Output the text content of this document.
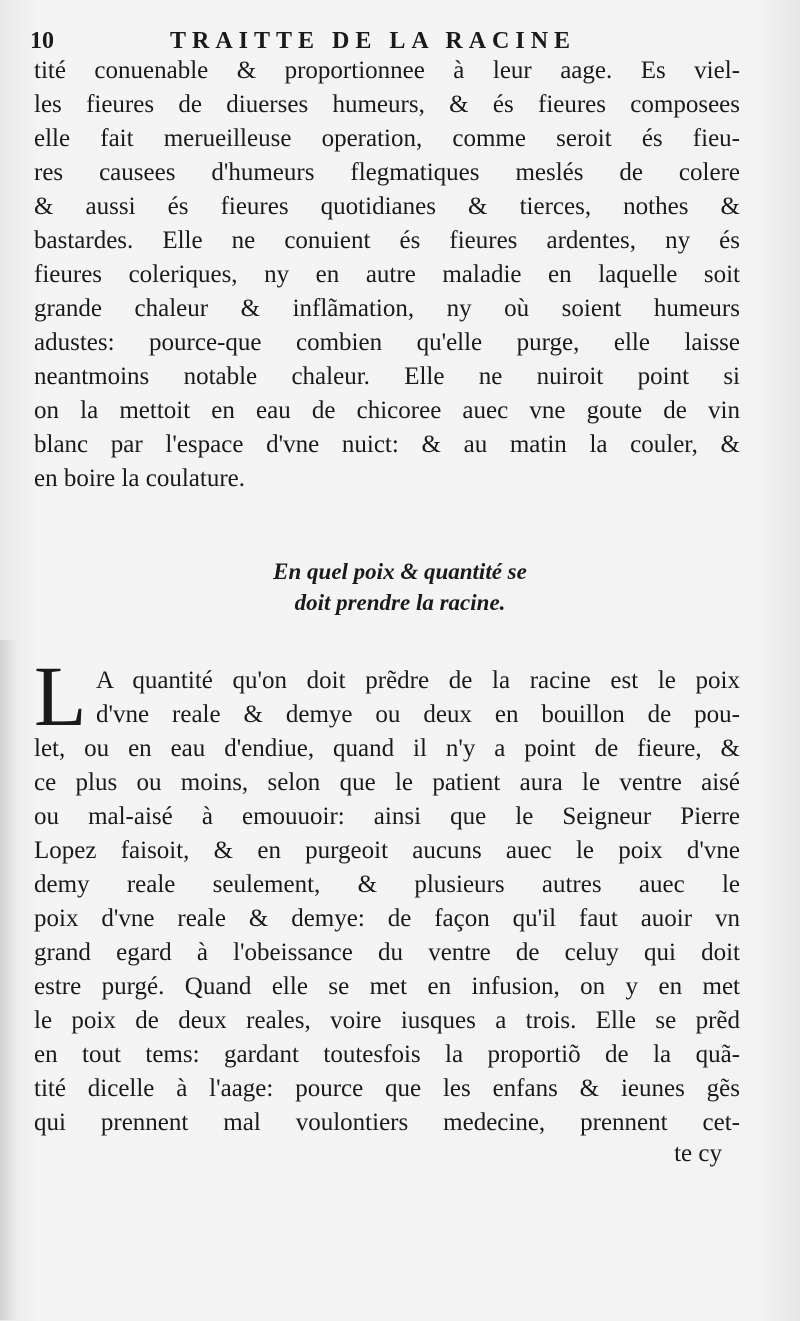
10	TRAITTE DE LA RACINE
tité conuenable & proportionnee à leur aage. Es viel-
les fieures de diuerses humeurs, & és fieures composees
elle fait merueilleuse operation, comme seroit és fieu-
res causees d'humeurs flegmatiques meslés de colere
& aussi és fieures quotidianes & tierces, nothes &
bastardes. Elle ne conuient és fieures ardentes, ny és
fieures coleriques, ny en autre maladie en laquelle soit
grande chaleur & inflãmation, ny où soient humeurs
adustes: pource-que combien qu'elle purge, elle laisse
neantmoins notable chaleur. Elle ne nuiroit point si
on la mettoit en eau de chicoree auec vne goute de vin
blanc par l'espace d'vne nuict: & au matin la couler, &
en boire la coulature.
En quel poix & quantité se
doit prendre la racine.
L A quantité qu'on doit prẽdre de la racine est le poix
d'vne reale & demye ou deux en bouillon de pou-
let, ou en eau d'endiue, quand il n'y a point de fieure, &
ce plus ou moins, selon que le patient aura le ventre aisé
ou mal-aisé à emouuoir: ainsi que le Seigneur Pierre
Lopez faisoit, & en purgeoit aucuns auec le poix d'vne
demy reale seulement, & plusieurs autres auec le
poix d'vne reale & demye: de façon qu'il faut auoir vn
grand egard à l'obeissance du ventre de celuy qui doit
estre purgé. Quand elle se met en infusion, on y en met
le poix de deux reales, voire iusques a trois. Elle se prẽd
en tout tems: gardant toutesfois la proportiõ de la quã-
tité dicelle à l'aage: pource que les enfans & ieunes gẽs
qui prennent mal voulontiers medecine, prennent cet-
te cy
